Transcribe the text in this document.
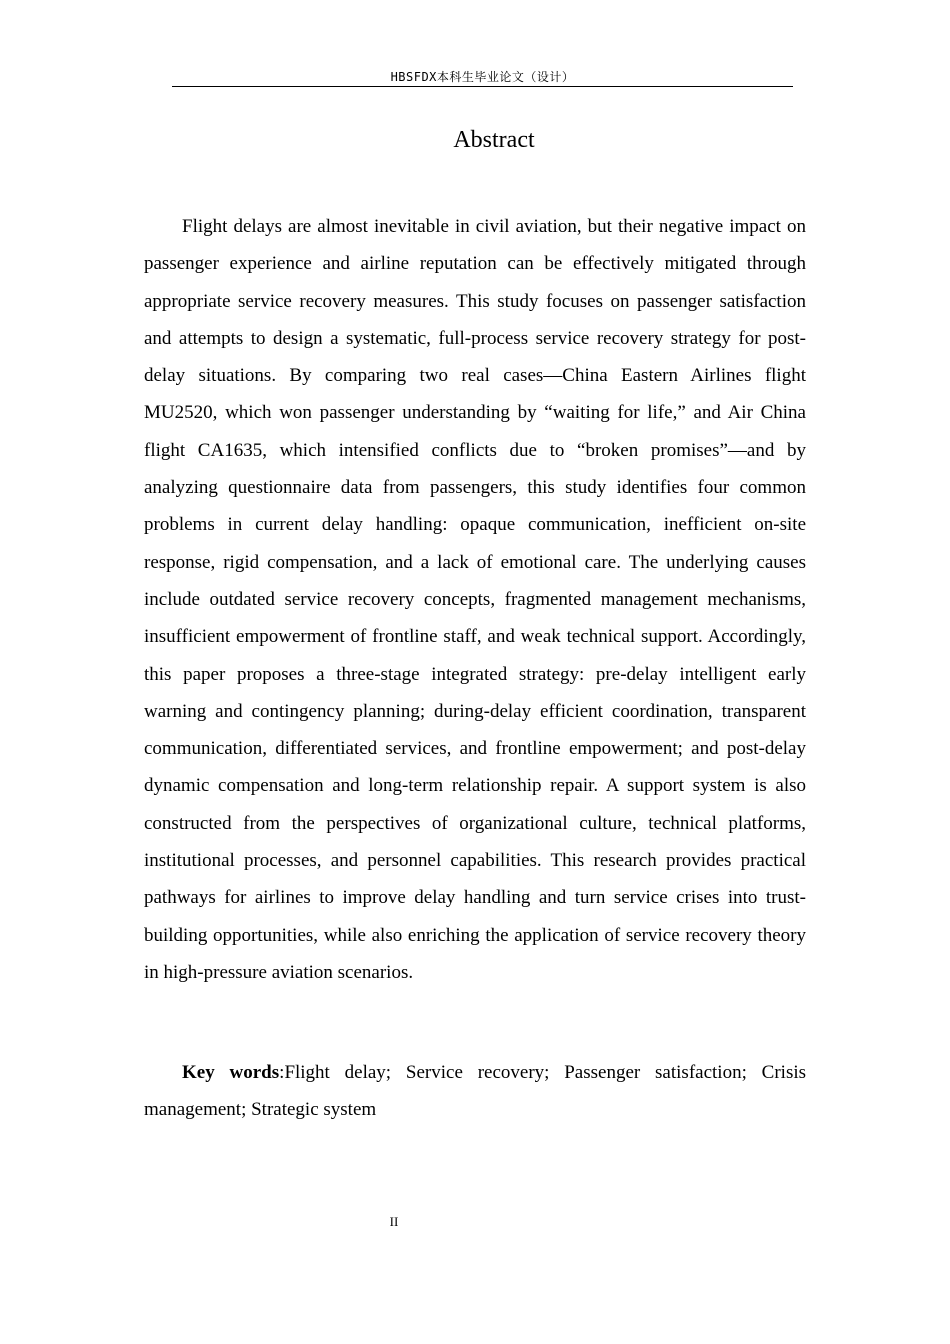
HBSFDX本科生毕业论文（设计）
Abstract

Flight delays are almost inevitable in civil aviation, but their negative impact on passenger experience and airline reputation can be effectively mitigated through appropriate service recovery measures. This study focuses on passenger satisfaction and attempts to design a systematic, full-process service recovery strategy for post-delay situations. By comparing two real cases—China Eastern Airlines flight MU2520, which won passenger understanding by “waiting for life,” and Air China flight CA1635, which intensified conflicts due to “broken promises”—and by analyzing questionnaire data from passengers, this study identifies four common problems in current delay handling: opaque communication, inefficient on-site response, rigid compensation, and a lack of emotional care. The underlying causes include outdated service recovery concepts, fragmented management mechanisms, insufficient empowerment of frontline staff, and weak technical support. Accordingly, this paper proposes a three-stage integrated strategy: pre-delay intelligent early warning and contingency planning; during-delay efficient coordination, transparent communication, differentiated services, and frontline empowerment; and post-delay dynamic compensation and long-term relationship repair. A support system is also constructed from the perspectives of organizational culture, technical platforms, institutional processes, and personnel capabilities. This research provides practical pathways for airlines to improve delay handling and turn service crises into trust-building opportunities, while also enriching the application of service recovery theory in high-pressure aviation scenarios.

Key words:Flight delay; Service recovery; Passenger satisfaction; Crisis management; Strategic system

II
